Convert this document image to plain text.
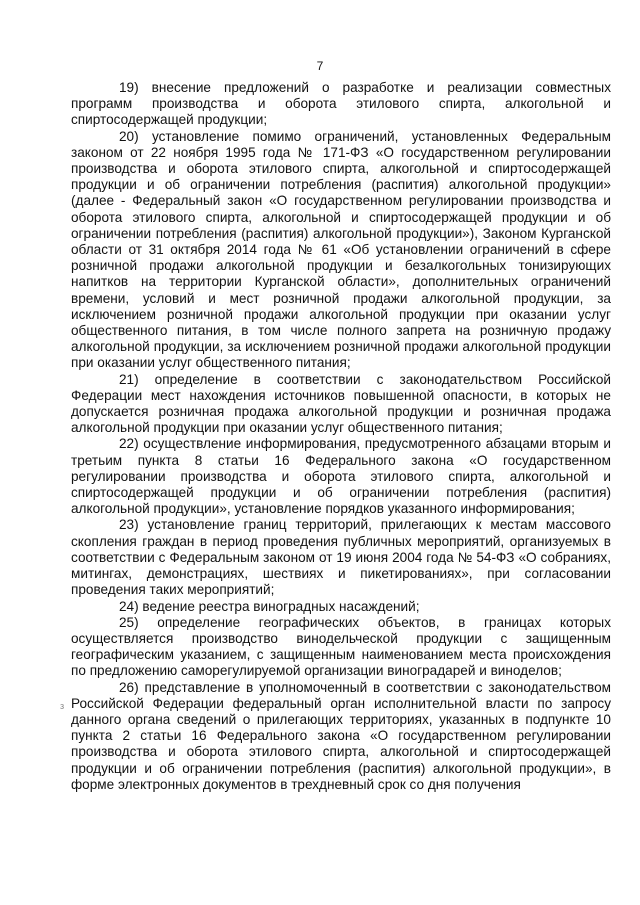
7

19) внесение предложений о разработке и реализации совместных программ производства и оборота этилового спирта, алкогольной и спиртосодержащей продукции;

20) установление помимо ограничений, установленных Федеральным законом от 22 ноября 1995 года № 171-ФЗ «О государственном регулировании производства и оборота этилового спирта, алкогольной и спиртосодержащей продукции и об ограничении потребления (распития) алкогольной продукции» (далее - Федеральный закон «О государственном регулировании производства и оборота этилового спирта, алкогольной и спиртосодержащей продукции и об ограничении потребления (распития) алкогольной продукции»), Законом Курганской области от 31 октября 2014 года № 61 «Об установлении ограничений в сфере розничной продажи алкогольной продукции и безалкогольных тонизирующих напитков на территории Курганской области», дополнительных ограничений времени, условий и мест розничной продажи алкогольной продукции, за исключением розничной продажи алкогольной продукции при оказании услуг общественного питания, в том числе полного запрета на розничную продажу алкогольной продукции, за исключением розничной продажи алкогольной продукции при оказании услуг общественного питания;

21) определение в соответствии с законодательством Российской Федерации мест нахождения источников повышенной опасности, в которых не допускается розничная продажа алкогольной продукции и розничная продажа алкогольной продукции при оказании услуг общественного питания;

22) осуществление информирования, предусмотренного абзацами вторым и третьим пункта 8 статьи 16 Федерального закона «О государственном регулировании производства и оборота этилового спирта, алкогольной и спиртосодержащей продукции и об ограничении потребления (распития) алкогольной продукции», установление порядков указанного информирования;

23) установление границ территорий, прилегающих к местам массового скопления граждан в период проведения публичных мероприятий, организуемых в соответствии с Федеральным законом от 19 июня 2004 года № 54-ФЗ «О собраниях, митингах, демонстрациях, шествиях и пикетированиях», при согласовании проведения таких мероприятий;

24) ведение реестра виноградных насаждений;

25) определение географических объектов, в границах которых осуществляется производство винодельческой продукции с защищенным географическим указанием, с защищенным наименованием места происхождения по предложению саморегулируемой организации виноградарей и виноделов;

26) представление в уполномоченный в соответствии с законодательством Российской Федерации федеральный орган исполнительной власти по запросу данного органа сведений о прилегающих территориях, указанных в подпункте 10 пункта 2 статьи 16 Федерального закона «О государственном регулировании производства и оборота этилового спирта, алкогольной и спиртосодержащей продукции и об ограничении потребления (распития) алкогольной продукции», в форме электронных документов в трехдневный срок со дня получения

з
